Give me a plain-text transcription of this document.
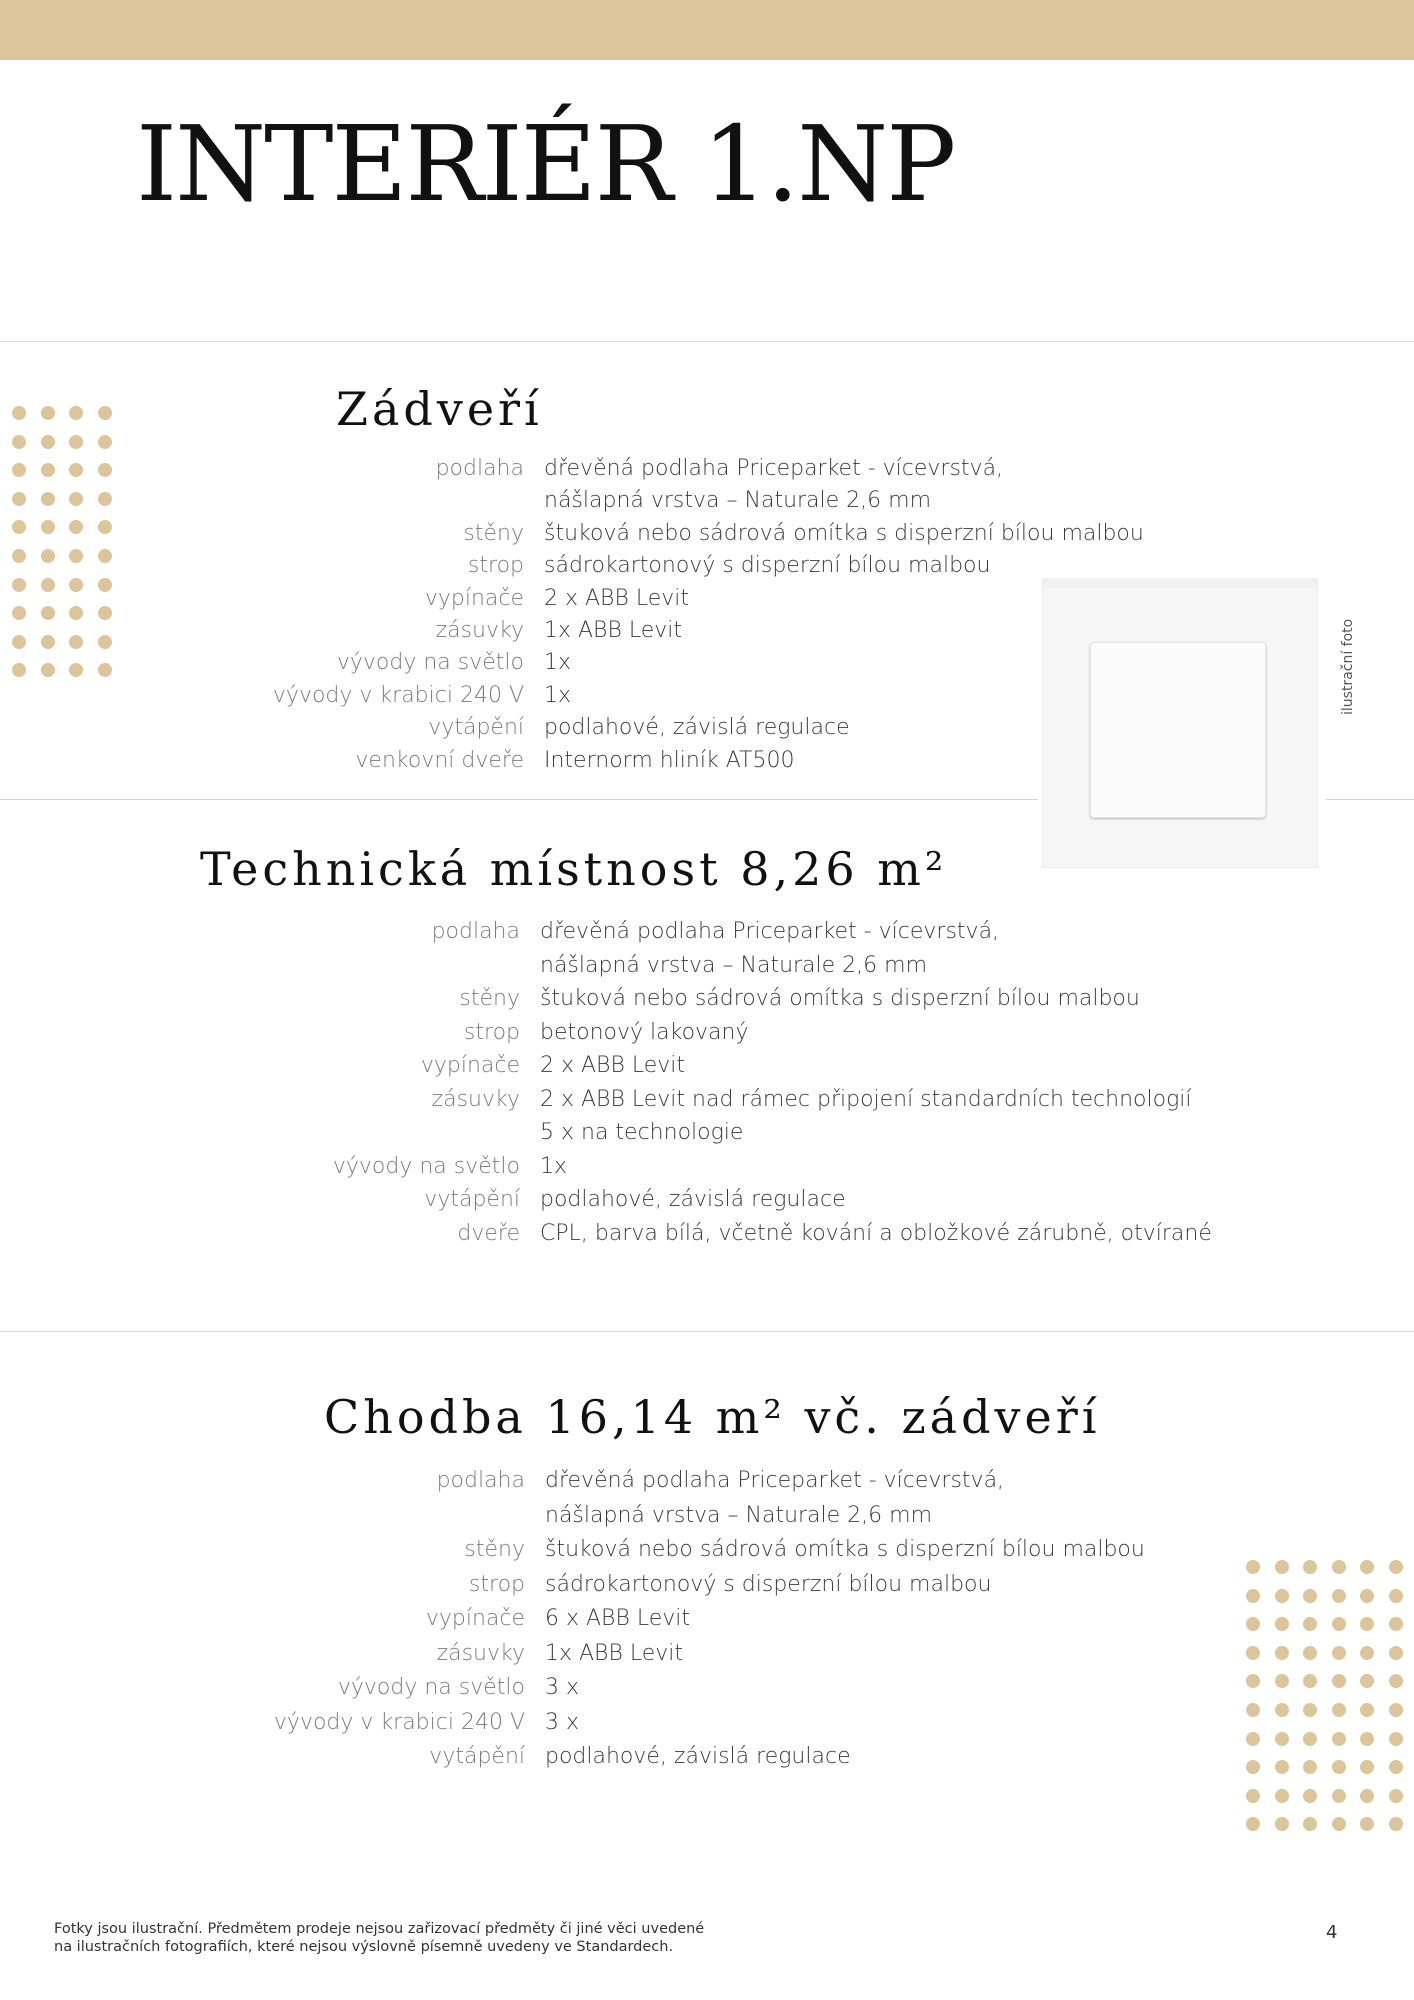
INTERIÉR 1.NP
Zádveří
podlaha dřevěná podlaha Priceparket - vícevrstvá,
nášlapná vrstva – Naturale 2,6 mm
stěny štuková nebo sádrová omítka s disperzní bílou malbou
strop sádrokartonový s disperzní bílou malbou
vypínače 2 x ABB Levit
zásuvky 1x ABB Levit
vývody na světlo 1x
vývody v krabici 240 V 1x
vytápění podlahové, závislá regulace
venkovní dveře Internorm hliník AT500
ilustrační foto
Technická místnost 8,26 m²
podlaha dřevěná podlaha Priceparket - vícevrstvá,
nášlapná vrstva – Naturale 2,6 mm
stěny štuková nebo sádrová omítka s disperzní bílou malbou
strop betonový lakovaný
vypínače 2 x ABB Levit
zásuvky 2 x ABB Levit nad rámec připojení standardních technologií
5 x na technologie
vývody na světlo 1x
vytápění podlahové, závislá regulace
dveře CPL, barva bílá, včetně kování a obložkové zárubně, otvírané
Chodba 16,14 m² vč. zádveří
podlaha dřevěná podlaha Priceparket - vícevrstvá,
nášlapná vrstva – Naturale 2,6 mm
stěny štuková nebo sádrová omítka s disperzní bílou malbou
strop sádrokartonový s disperzní bílou malbou
vypínače 6 x ABB Levit
zásuvky 1x ABB Levit
vývody na světlo 3 x
vývody v krabici 240 V 3 x
vytápění podlahové, závislá regulace
Fotky jsou ilustrační. Předmětem prodeje nejsou zařizovací předměty či jiné věci uvedené
na ilustračních fotografiích, které nejsou výslovně písemně uvedeny ve Standardech.
4
